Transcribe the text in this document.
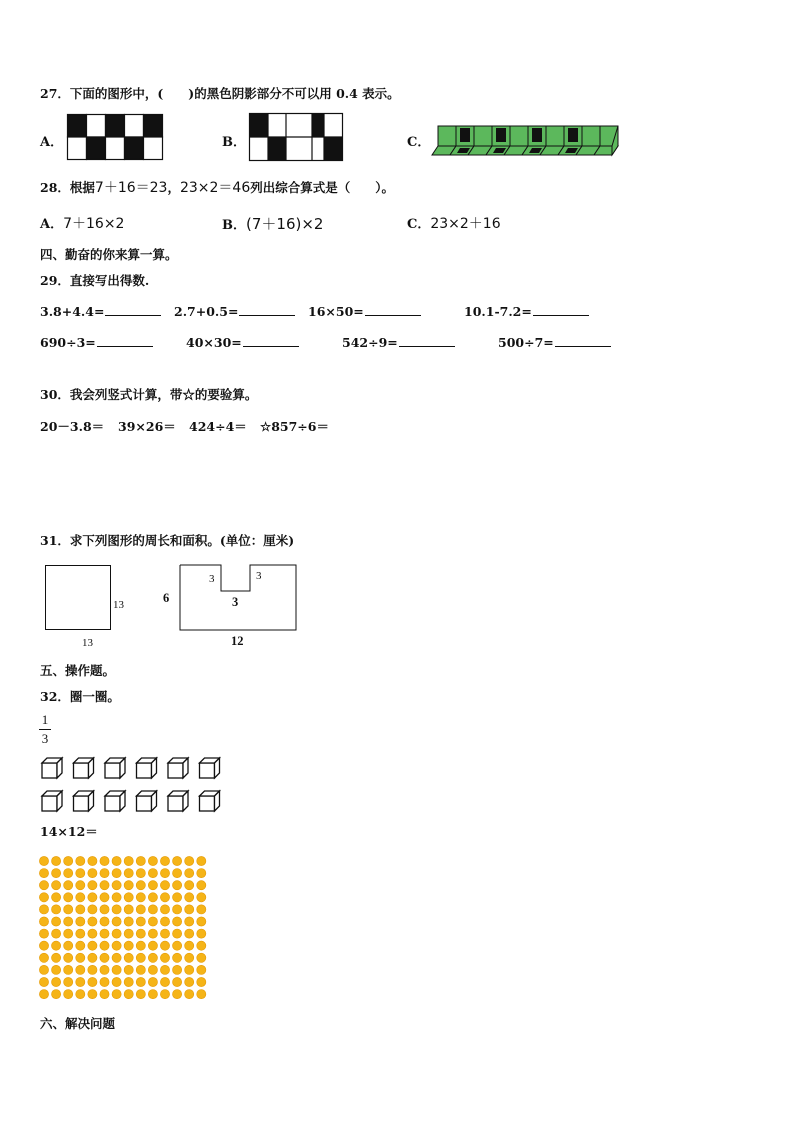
27．下面的图形中，(　　)的黑色阴影部分不可以用 0.4 表示。
A．	B．	C．
28．根据7＋16＝23，23×2＝46列出综合算式是（　　）。
A．7＋16×2	B．(7＋16)×2	C．23×2＋16
四、勤奋的你来算一算。
29．直接写出得数.
3.8+4.4=	2.7+0.5=	16×50=	10.1-7.2=
690÷3=	40×30=	542÷9=	500÷7=
30．我会列竖式计算，带☆的要验算。
20－3.8＝ 39×26＝ 424÷4＝ ☆857÷6＝
31．求下列图形的周长和面积。(单位：厘米)
13
13
6
3	3
3
12
五、操作题。
32．圈一圈。
1
3
14×12＝
六、解决问题
